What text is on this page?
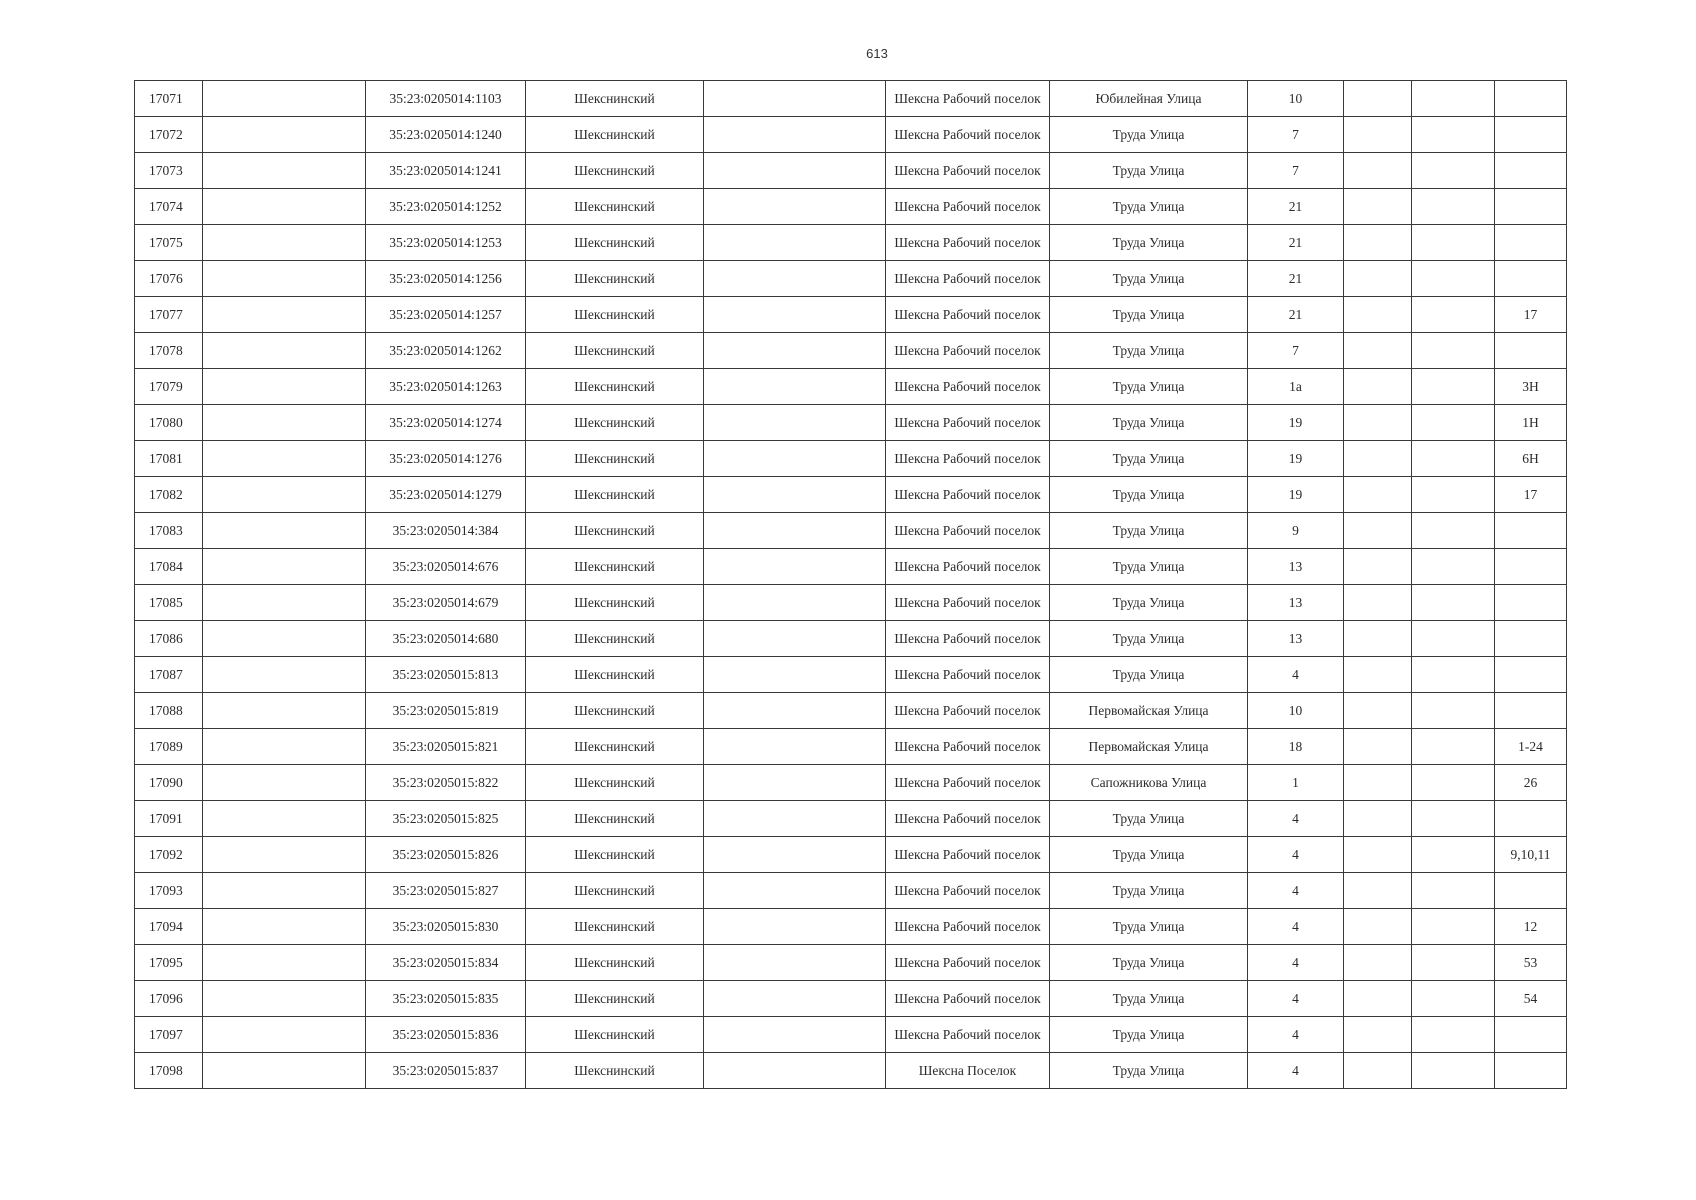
613
17071		35:23:0205014:1103	Шекснинский		Шексна Рабочий поселок	Юбилейная Улица	10			
17072		35:23:0205014:1240	Шекснинский		Шексна Рабочий поселок	Труда Улица	7			
17073		35:23:0205014:1241	Шекснинский		Шексна Рабочий поселок	Труда Улица	7			
17074		35:23:0205014:1252	Шекснинский		Шексна Рабочий поселок	Труда Улица	21			
17075		35:23:0205014:1253	Шекснинский		Шексна Рабочий поселок	Труда Улица	21			
17076		35:23:0205014:1256	Шекснинский		Шексна Рабочий поселок	Труда Улица	21			
17077		35:23:0205014:1257	Шекснинский		Шексна Рабочий поселок	Труда Улица	21			17
17078		35:23:0205014:1262	Шекснинский		Шексна Рабочий поселок	Труда Улица	7			
17079		35:23:0205014:1263	Шекснинский		Шексна Рабочий поселок	Труда Улица	1а			3Н
17080		35:23:0205014:1274	Шекснинский		Шексна Рабочий поселок	Труда Улица	19			1Н
17081		35:23:0205014:1276	Шекснинский		Шексна Рабочий поселок	Труда Улица	19			6Н
17082		35:23:0205014:1279	Шекснинский		Шексна Рабочий поселок	Труда Улица	19			17
17083		35:23:0205014:384	Шекснинский		Шексна Рабочий поселок	Труда Улица	9			
17084		35:23:0205014:676	Шекснинский		Шексна Рабочий поселок	Труда Улица	13			
17085		35:23:0205014:679	Шекснинский		Шексна Рабочий поселок	Труда Улица	13			
17086		35:23:0205014:680	Шекснинский		Шексна Рабочий поселок	Труда Улица	13			
17087		35:23:0205015:813	Шекснинский		Шексна Рабочий поселок	Труда Улица	4			
17088		35:23:0205015:819	Шекснинский		Шексна Рабочий поселок	Первомайская Улица	10			
17089		35:23:0205015:821	Шекснинский		Шексна Рабочий поселок	Первомайская Улица	18			1-24
17090		35:23:0205015:822	Шекснинский		Шексна Рабочий поселок	Сапожникова Улица	1			26
17091		35:23:0205015:825	Шекснинский		Шексна Рабочий поселок	Труда Улица	4			
17092		35:23:0205015:826	Шекснинский		Шексна Рабочий поселок	Труда Улица	4			9,10,11
17093		35:23:0205015:827	Шекснинский		Шексна Рабочий поселок	Труда Улица	4			
17094		35:23:0205015:830	Шекснинский		Шексна Рабочий поселок	Труда Улица	4			12
17095		35:23:0205015:834	Шекснинский		Шексна Рабочий поселок	Труда Улица	4			53
17096		35:23:0205015:835	Шекснинский		Шексна Рабочий поселок	Труда Улица	4			54
17097		35:23:0205015:836	Шекснинский		Шексна Рабочий поселок	Труда Улица	4			
17098		35:23:0205015:837	Шекснинский		Шексна Поселок	Труда Улица	4			
